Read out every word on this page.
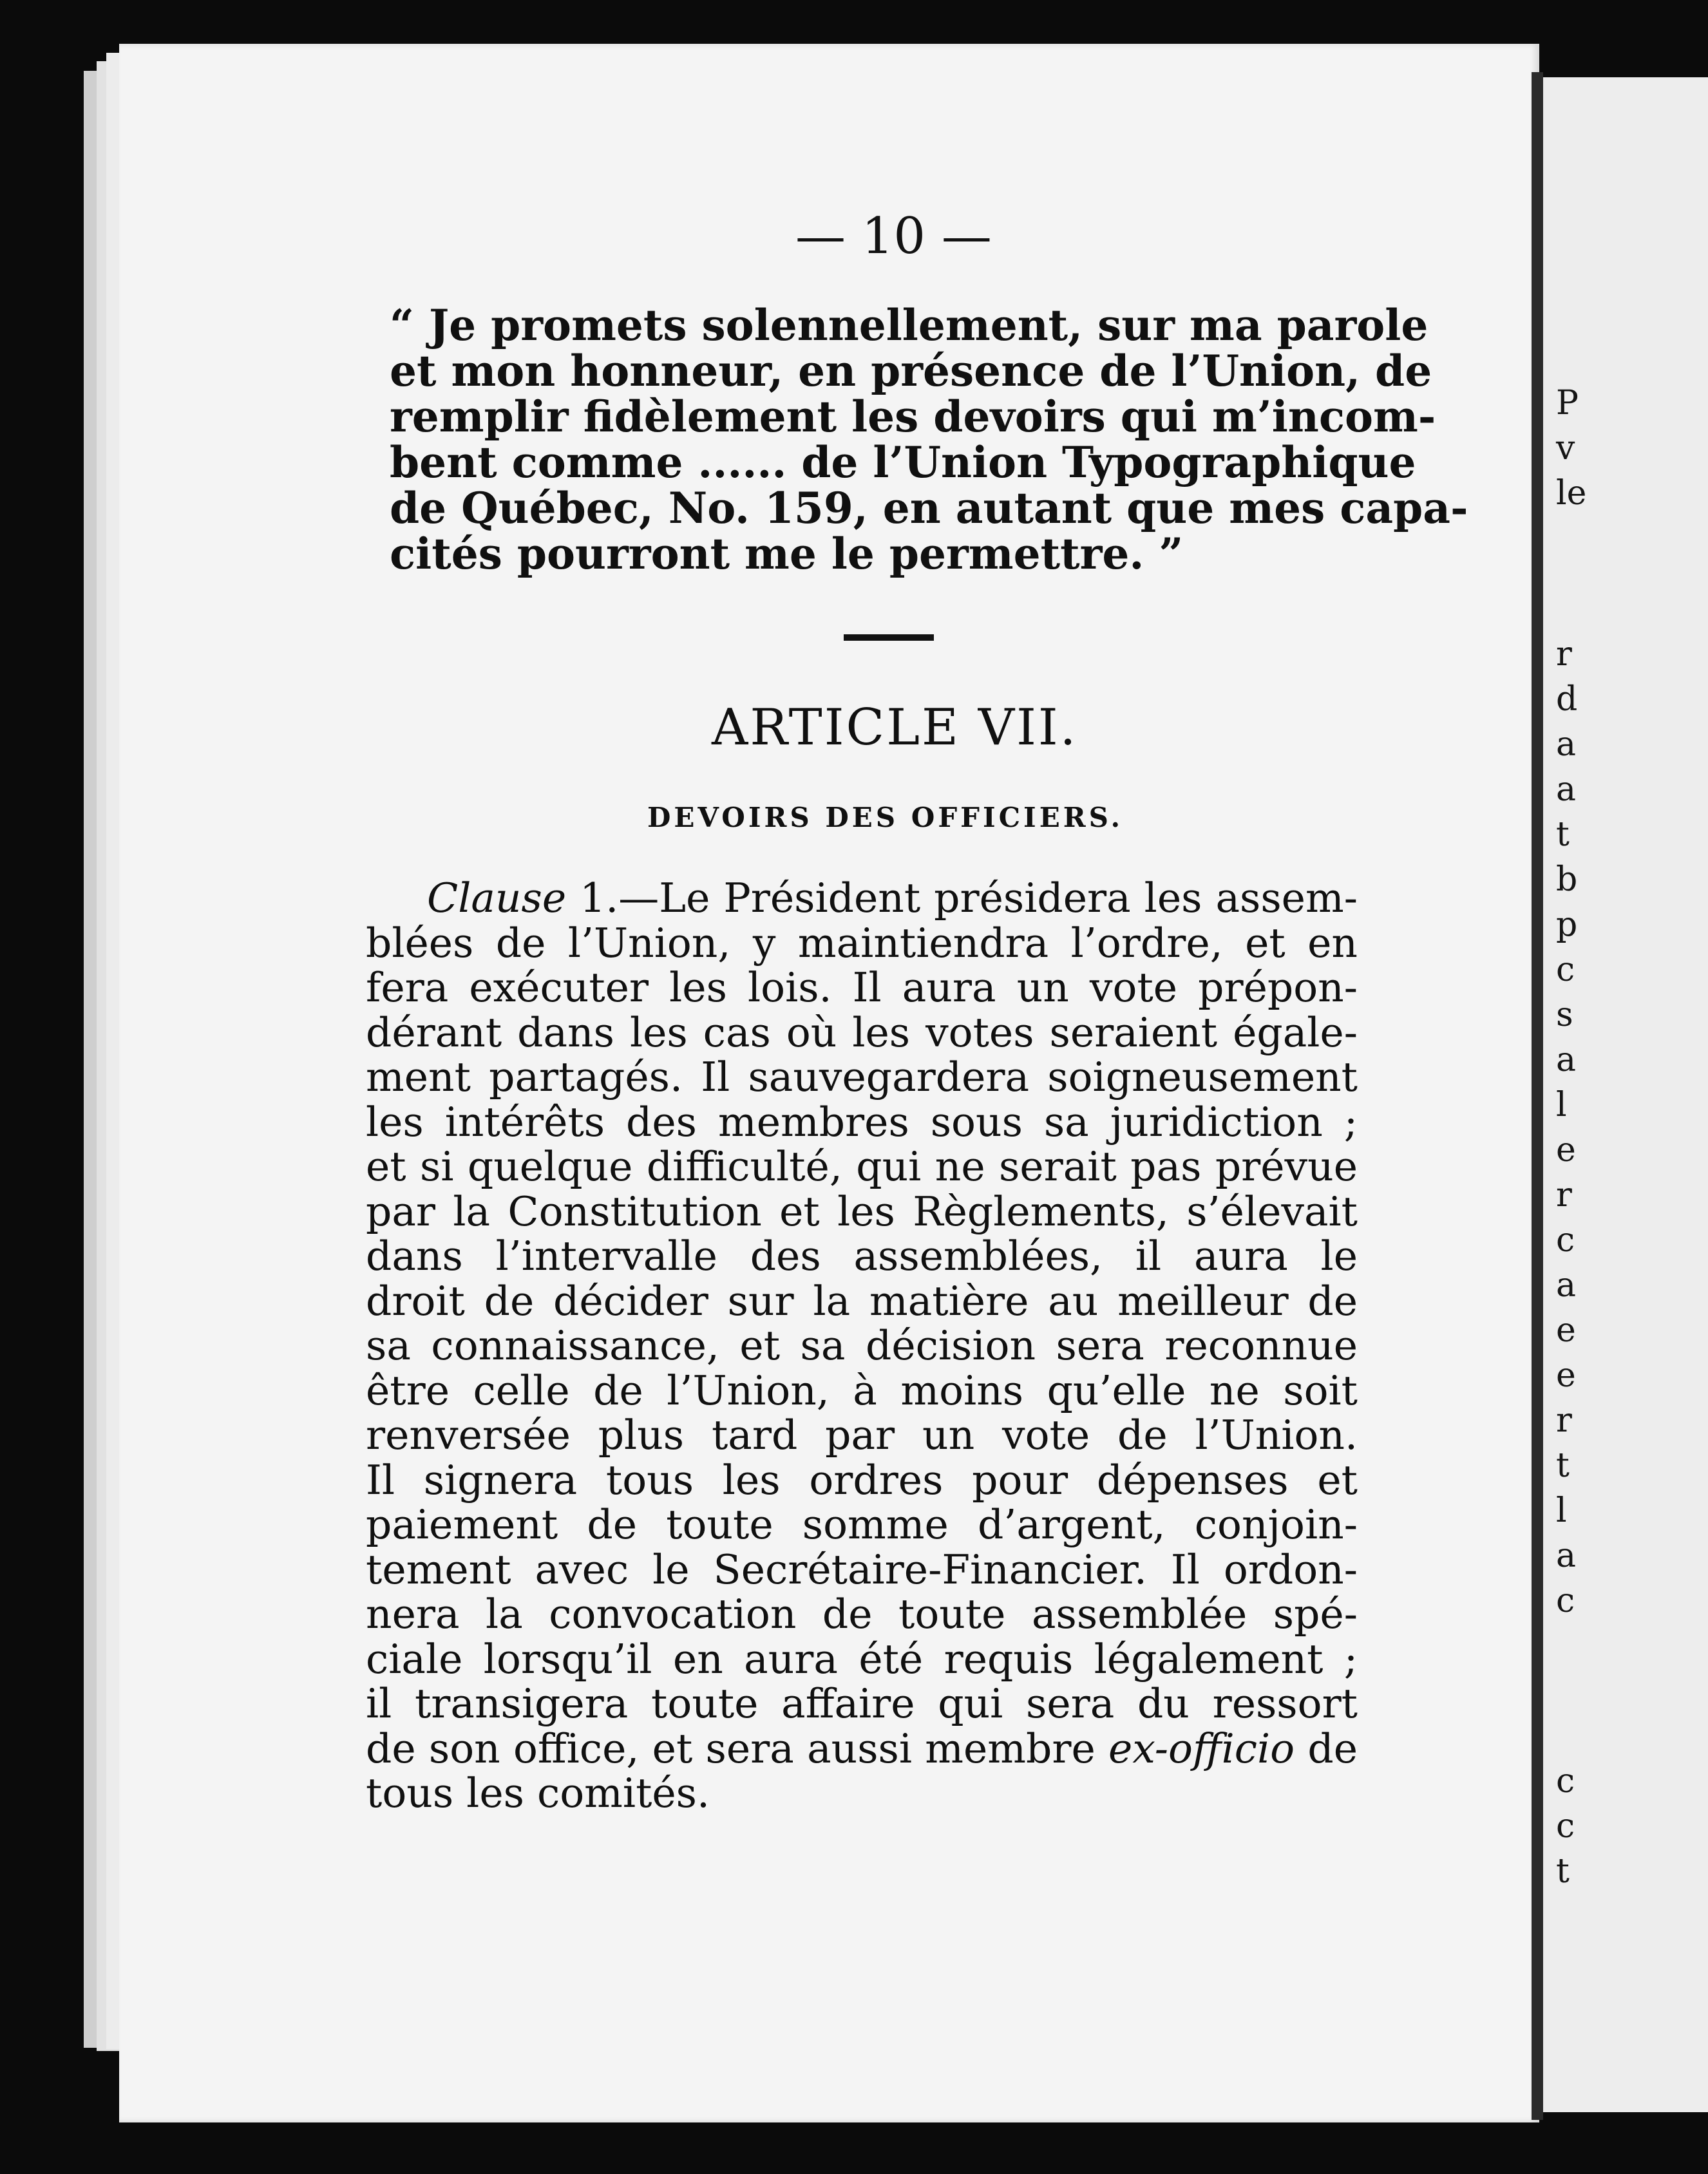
P
v
le
r
d
a
a
t
b
p
c
s
a
l
e
r
c
a
e
e
r
t
l
a
c
c
c
t
— 10 —
“ Je promets solennellement, sur ma parole
et mon honneur, en présence de l’Union, de
remplir fidèlement les devoirs qui m’incom-
bent comme ...... de l’Union Typographique
de Québec, No. 159, en autant que mes capa-
cités pourront me le permettre. ”
ARTICLE VII.
DEVOIRS DES OFFICIERS.
Clause 1.—Le Président présidera les assem-
blées de l’Union, y maintiendra l’ordre, et en
fera exécuter les lois. Il aura un vote prépon-
dérant dans les cas où les votes seraient égale-
ment partagés. Il sauvegardera soigneusement
les intérêts des membres sous sa juridiction ;
et si quelque difficulté, qui ne serait pas prévue
par la Constitution et les Règlements, s’élevait
dans l’intervalle des assemblées, il aura le
droit de décider sur la matière au meilleur de
sa connaissance, et sa décision sera reconnue
être celle de l’Union, à moins qu’elle ne soit
renversée plus tard par un vote de l’Union.
Il signera tous les ordres pour dépenses et
paiement de toute somme d’argent, conjoin-
tement avec le Secrétaire-Financier. Il ordon-
nera la convocation de toute assemblée spé-
ciale lorsqu’il en aura été requis légalement ;
il transigera toute affaire qui sera du ressort
de son office, et sera aussi membre ex-officio de
tous les comités.
